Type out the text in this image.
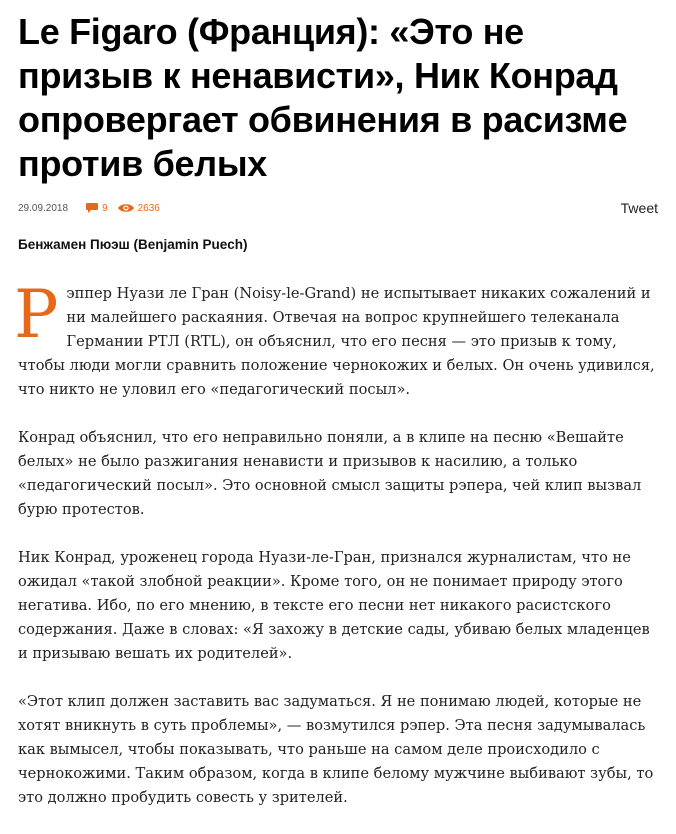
Le Figaro (Франция): «Это не призыв к ненависти», Ник Конрад опровергает обвинения в расизме против белых
29.09.2018	9	2636	Tweet
Бенжамен Пюэш (Benjamin Puech)

Рэппер Нуази ле Гран (Noisy-le-Grand) не испытывает никаких сожалений и ни малейшего раскаяния. Отвечая на вопрос крупнейшего телеканала Германии РТЛ (RTL), он объяснил, что его песня — это призыв к тому, чтобы люди могли сравнить положение чернокожих и белых. Он очень удивился, что никто не уловил его «педагогический посыл».

Конрад объяснил, что его неправильно поняли, а в клипе на песню «Вешайте белых» не было разжигания ненависти и призывов к насилию, а только «педагогический посыл». Это основной смысл защиты рэпера, чей клип вызвал бурю протестов.

Ник Конрад, уроженец города Нуази-ле-Гран, признался журналистам, что не ожидал «такой злобной реакции». Кроме того, он не понимает природу этого негатива. Ибо, по его мнению, в тексте его песни нет никакого расистского содержания. Даже в словах: «Я захожу в детские сады, убиваю белых младенцев и призываю вешать их родителей».

«Этот клип должен заставить вас задуматься. Я не понимаю людей, которые не хотят вникнуть в суть проблемы», — возмутился рэпер. Эта песня задумывалась как вымысел, чтобы показывать, что раньше на самом деле происходило с чернокожими. Таким образом, когда в клипе белому мужчине выбивают зубы, то это должно пробудить совесть у зрителей.
